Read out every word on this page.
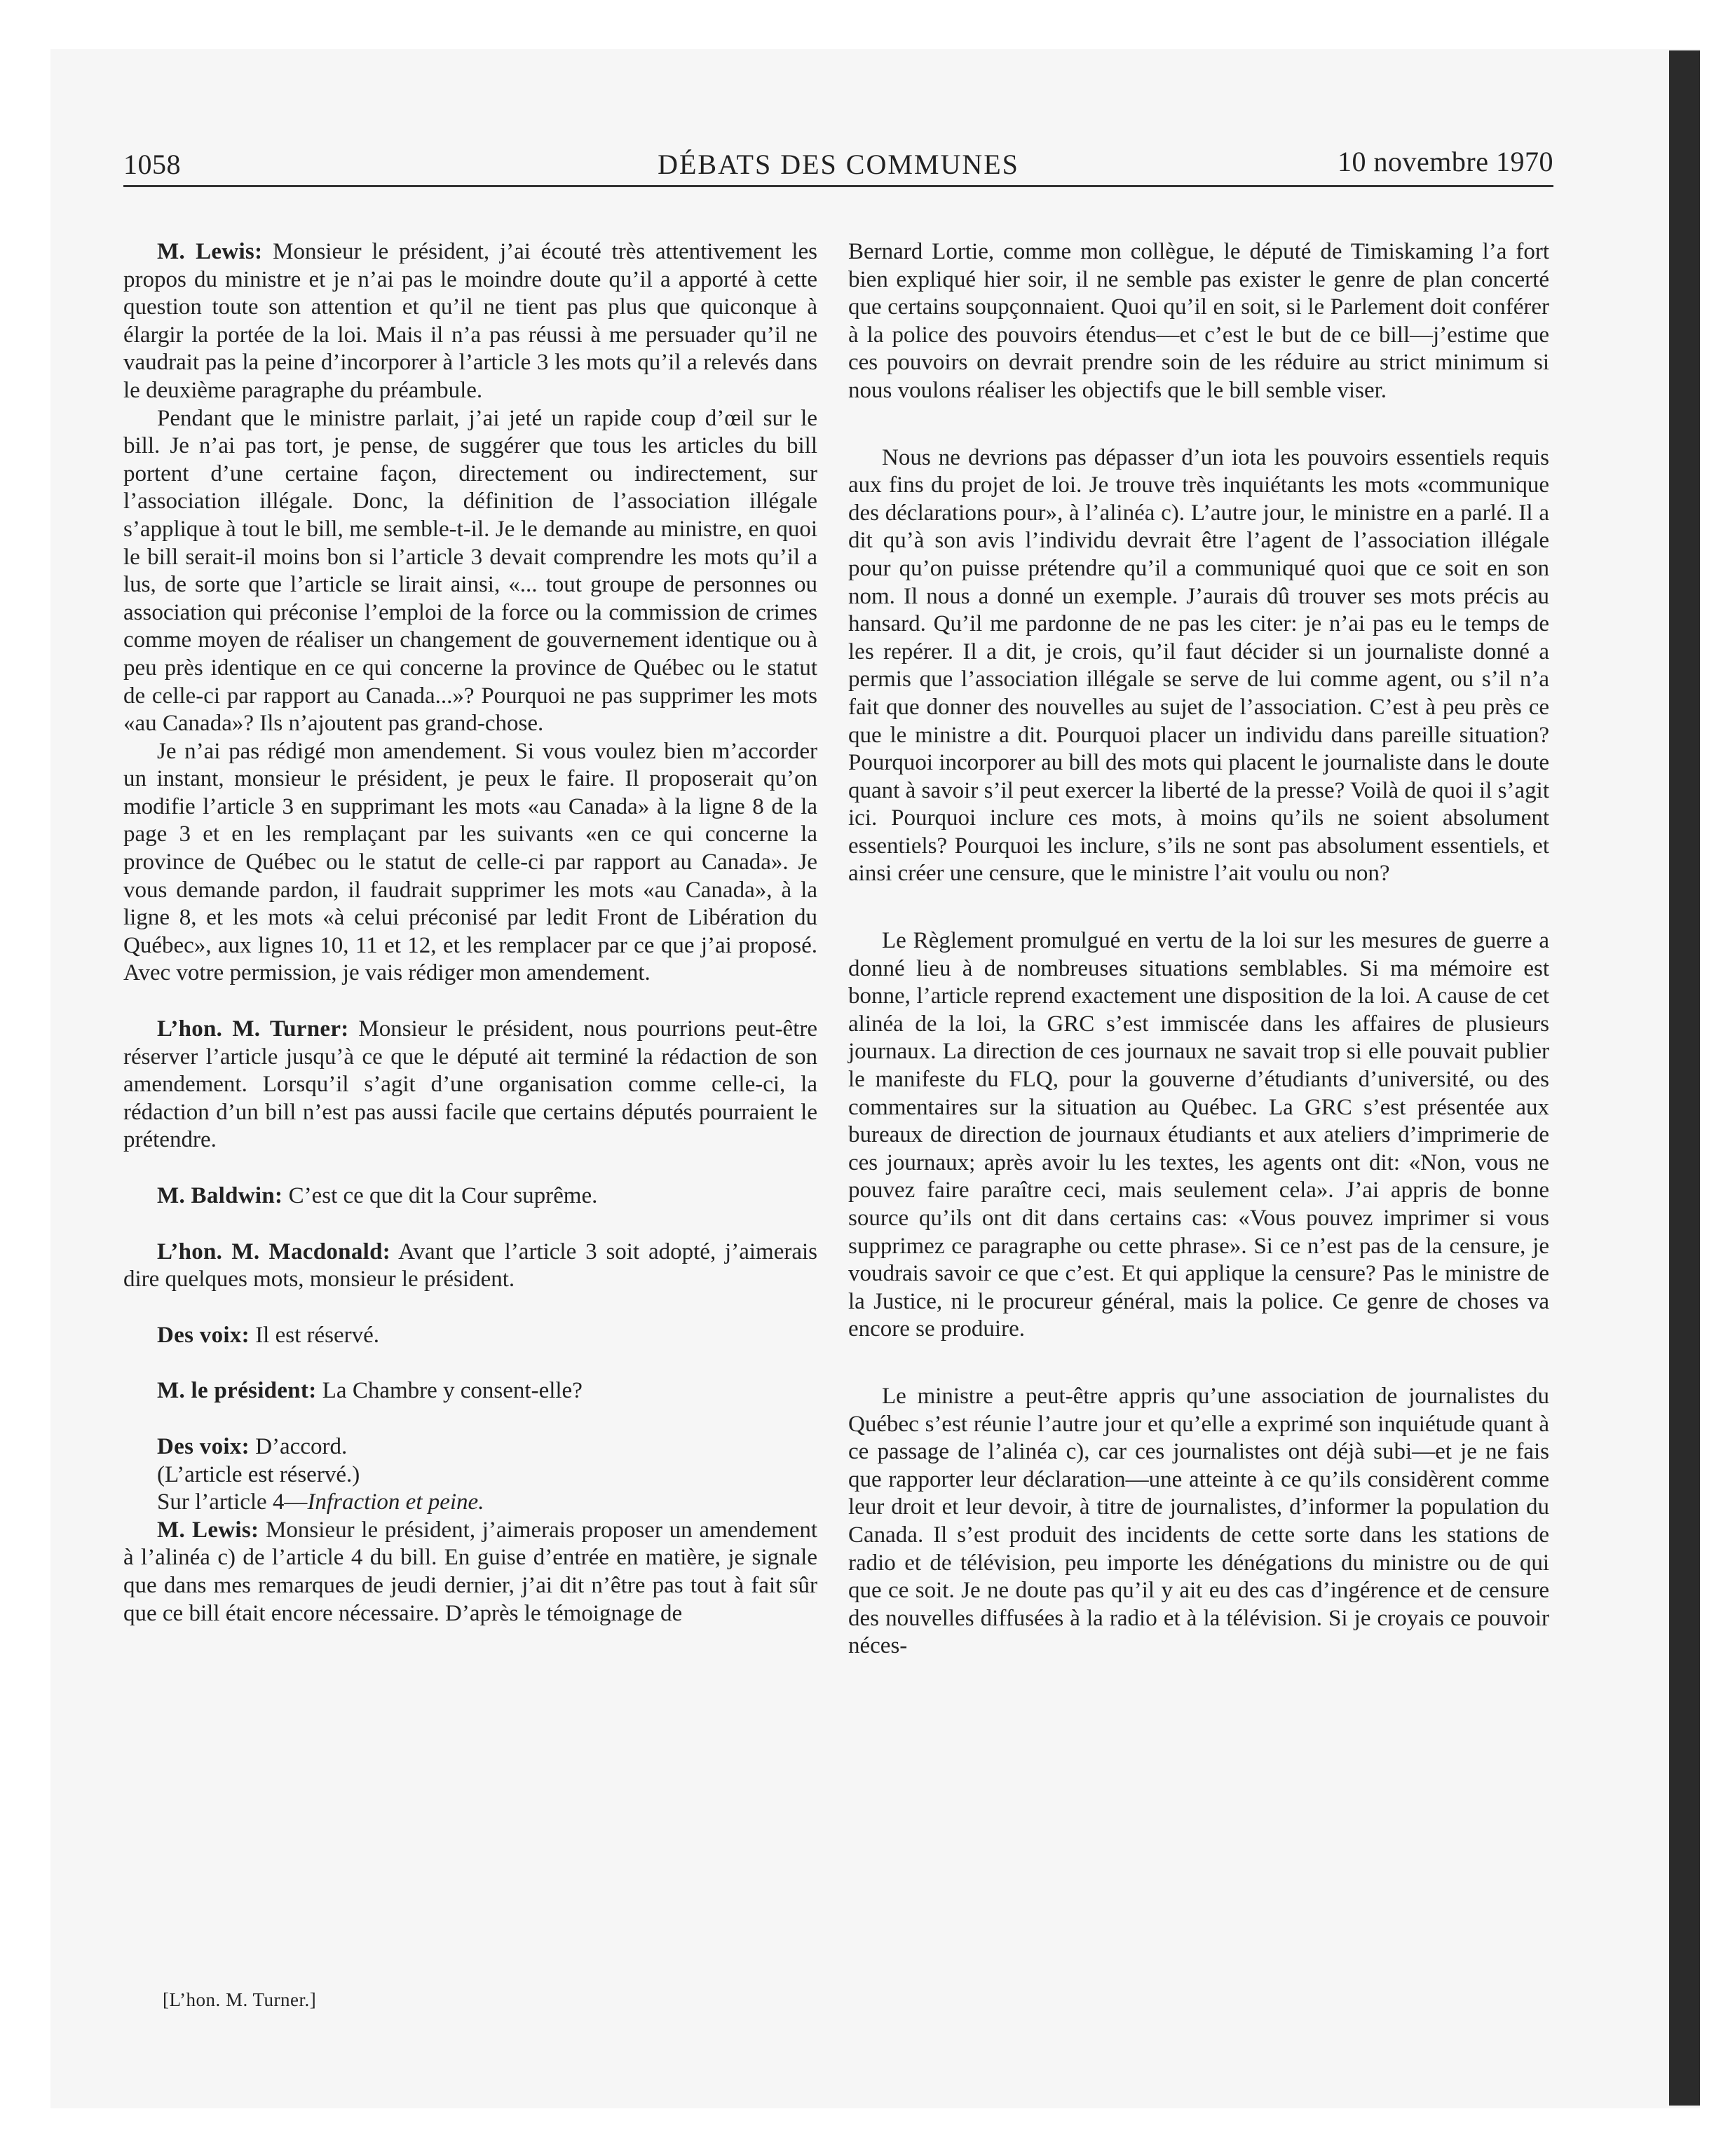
1058	DÉBATS DES COMMUNES	10 novembre 1970

M. Lewis: Monsieur le président, j’ai écouté très attentivement les propos du ministre et je n’ai pas le moindre doute qu’il a apporté à cette question toute son attention et qu’il ne tient pas plus que quiconque à élargir la portée de la loi. Mais il n’a pas réussi à me persuader qu’il ne vaudrait pas la peine d’incorporer à l’article 3 les mots qu’il a relevés dans le deuxième paragraphe du préambule.

Pendant que le ministre parlait, j’ai jeté un rapide coup d’œil sur le bill. Je n’ai pas tort, je pense, de suggérer que tous les articles du bill portent d’une certaine façon, directement ou indirectement, sur l’association illégale. Donc, la définition de l’association illégale s’applique à tout le bill, me semble-t-il. Je le demande au ministre, en quoi le bill serait-il moins bon si l’article 3 devait comprendre les mots qu’il a lus, de sorte que l’article se lirait ainsi, «... tout groupe de personnes ou association qui préconise l’emploi de la force ou la commission de crimes comme moyen de réaliser un changement de gouvernement identique ou à peu près identique en ce qui concerne la province de Québec ou le statut de celle-ci par rapport au Canada...»? Pourquoi ne pas supprimer les mots «au Canada»? Ils n’ajoutent pas grand-chose.

Je n’ai pas rédigé mon amendement. Si vous voulez bien m’accorder un instant, monsieur le président, je peux le faire. Il proposerait qu’on modifie l’article 3 en supprimant les mots «au Canada» à la ligne 8 de la page 3 et en les remplaçant par les suivants «en ce qui concerne la province de Québec ou le statut de celle-ci par rapport au Canada». Je vous demande pardon, il faudrait supprimer les mots «au Canada», à la ligne 8, et les mots «à celui préconisé par ledit Front de Libération du Québec», aux lignes 10, 11 et 12, et les remplacer par ce que j’ai proposé. Avec votre permission, je vais rédiger mon amendement.

L’hon. M. Turner: Monsieur le président, nous pourrions peut-être réserver l’article jusqu’à ce que le député ait terminé la rédaction de son amendement. Lorsqu’il s’agit d’une organisation comme celle-ci, la rédaction d’un bill n’est pas aussi facile que certains députés pourraient le prétendre.

M. Baldwin: C’est ce que dit la Cour suprême.

L’hon. M. Macdonald: Avant que l’article 3 soit adopté, j’aimerais dire quelques mots, monsieur le président.

Des voix: Il est réservé.

M. le président: La Chambre y consent-elle?

Des voix: D’accord.

(L’article est réservé.)

Sur l’article 4—Infraction et peine.

M. Lewis: Monsieur le président, j’aimerais proposer un amendement à l’alinéa c) de l’article 4 du bill. En guise d’entrée en matière, je signale que dans mes remarques de jeudi dernier, j’ai dit n’être pas tout à fait sûr que ce bill était encore nécessaire. D’après le témoignage de

[L’hon. M. Turner.]

Bernard Lortie, comme mon collègue, le député de Timiskaming l’a fort bien expliqué hier soir, il ne semble pas exister le genre de plan concerté que certains soupçonnaient. Quoi qu’il en soit, si le Parlement doit conférer à la police des pouvoirs étendus—et c’est le but de ce bill—j’estime que ces pouvoirs on devrait prendre soin de les réduire au strict minimum si nous voulons réaliser les objectifs que le bill semble viser.

Nous ne devrions pas dépasser d’un iota les pouvoirs essentiels requis aux fins du projet de loi. Je trouve très inquiétants les mots «communique des déclarations pour», à l’alinéa c). L’autre jour, le ministre en a parlé. Il a dit qu’à son avis l’individu devrait être l’agent de l’association illégale pour qu’on puisse prétendre qu’il a communiqué quoi que ce soit en son nom. Il nous a donné un exemple. J’aurais dû trouver ses mots précis au hansard. Qu’il me pardonne de ne pas les citer: je n’ai pas eu le temps de les repérer. Il a dit, je crois, qu’il faut décider si un journaliste donné a permis que l’association illégale se serve de lui comme agent, ou s’il n’a fait que donner des nouvelles au sujet de l’association. C’est à peu près ce que le ministre a dit. Pourquoi placer un individu dans pareille situation? Pourquoi incorporer au bill des mots qui placent le journaliste dans le doute quant à savoir s’il peut exercer la liberté de la presse? Voilà de quoi il s’agit ici. Pourquoi inclure ces mots, à moins qu’ils ne soient absolument essentiels? Pourquoi les inclure, s’ils ne sont pas absolument essentiels, et ainsi créer une censure, que le ministre l’ait voulu ou non?

Le Règlement promulgué en vertu de la loi sur les mesures de guerre a donné lieu à de nombreuses situations semblables. Si ma mémoire est bonne, l’article reprend exactement une disposition de la loi. A cause de cet alinéa de la loi, la GRC s’est immiscée dans les affaires de plusieurs journaux. La direction de ces journaux ne savait trop si elle pouvait publier le manifeste du FLQ, pour la gouverne d’étudiants d’université, ou des commentaires sur la situation au Québec. La GRC s’est présentée aux bureaux de direction de journaux étudiants et aux ateliers d’imprimerie de ces journaux; après avoir lu les textes, les agents ont dit: «Non, vous ne pouvez faire paraître ceci, mais seulement cela». J’ai appris de bonne source qu’ils ont dit dans certains cas: «Vous pouvez imprimer si vous supprimez ce paragraphe ou cette phrase». Si ce n’est pas de la censure, je voudrais savoir ce que c’est. Et qui applique la censure? Pas le ministre de la Justice, ni le procureur général, mais la police. Ce genre de choses va encore se produire.

Le ministre a peut-être appris qu’une association de journalistes du Québec s’est réunie l’autre jour et qu’elle a exprimé son inquiétude quant à ce passage de l’alinéa c), car ces journalistes ont déjà subi—et je ne fais que rapporter leur déclaration—une atteinte à ce qu’ils considèrent comme leur droit et leur devoir, à titre de journalistes, d’informer la population du Canada. Il s’est produit des incidents de cette sorte dans les stations de radio et de télévision, peu importe les dénégations du ministre ou de qui que ce soit. Je ne doute pas qu’il y ait eu des cas d’ingérence et de censure des nouvelles diffusées à la radio et à la télévision. Si je croyais ce pouvoir néces-
